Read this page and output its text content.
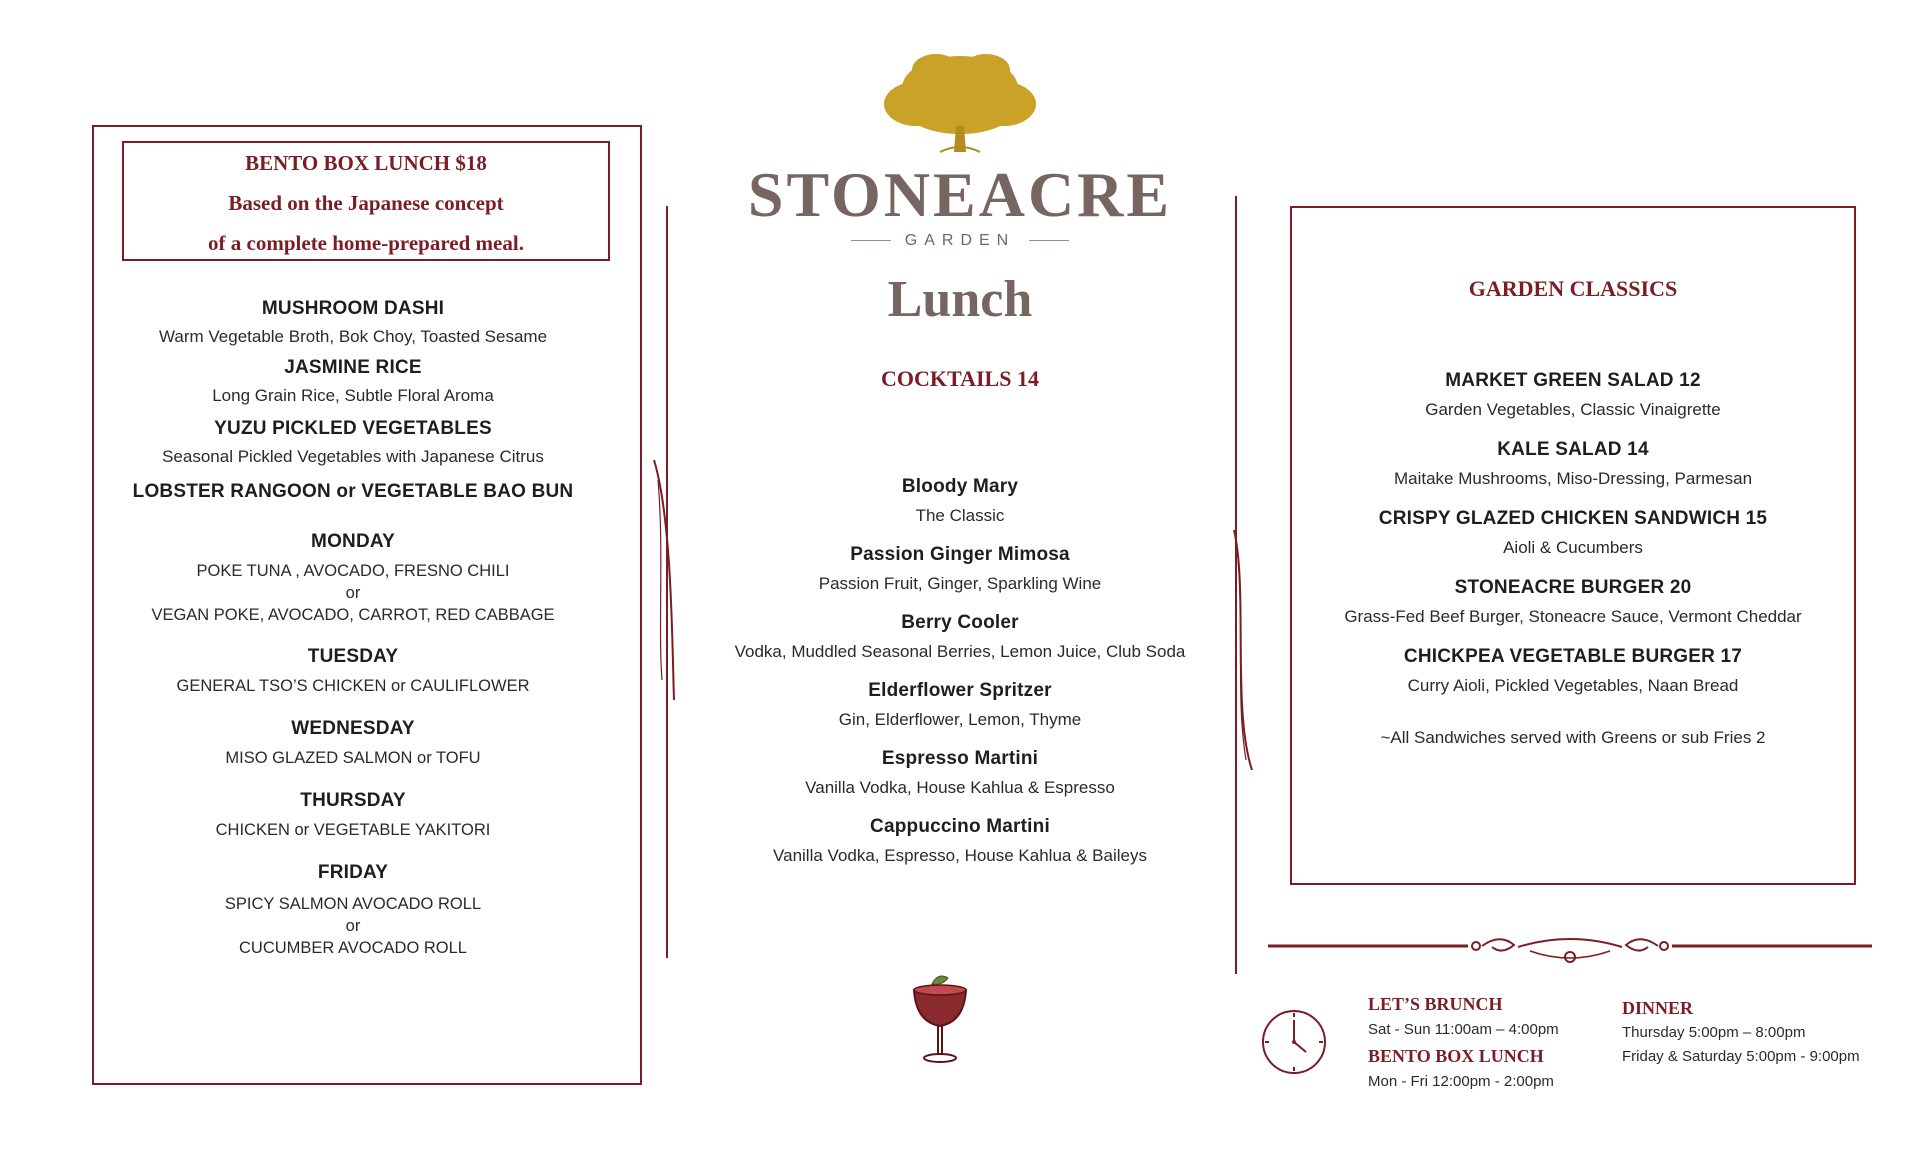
BENTO BOX LUNCH $18
Based on the Japanese concept
of a complete home-prepared meal.
MUSHROOM DASHI
Warm Vegetable Broth, Bok Choy, Toasted Sesame
JASMINE RICE
Long Grain Rice, Subtle Floral Aroma
YUZU PICKLED VEGETABLES
Seasonal Pickled Vegetables with Japanese Citrus
LOBSTER RANGOON or VEGETABLE BAO BUN
MONDAY
POKE TUNA , AVOCADO, FRESNO CHILI
or
VEGAN POKE, AVOCADO, CARROT, RED CABBAGE
TUESDAY
GENERAL TSO’S CHICKEN or CAULIFLOWER
WEDNESDAY
MISO GLAZED SALMON or TOFU
THURSDAY
CHICKEN or VEGETABLE YAKITORI
FRIDAY
SPICY SALMON AVOCADO ROLL
or
CUCUMBER AVOCADO ROLL
STONEACRE
GARDEN
Lunch
COCKTAILS 14
Bloody Mary
The Classic
Passion Ginger Mimosa
Passion Fruit, Ginger, Sparkling Wine
Berry Cooler
Vodka, Muddled Seasonal Berries, Lemon Juice, Club Soda
Elderflower Spritzer
Gin, Elderflower, Lemon, Thyme
Espresso Martini
Vanilla Vodka, House Kahlua & Espresso
Cappuccino Martini
Vanilla Vodka, Espresso, House Kahlua & Baileys
GARDEN CLASSICS
MARKET GREEN SALAD 12
Garden Vegetables, Classic Vinaigrette
KALE SALAD 14
Maitake Mushrooms, Miso-Dressing, Parmesan
CRISPY GLAZED CHICKEN SANDWICH 15
Aioli & Cucumbers
STONEACRE BURGER 20
Grass-Fed Beef Burger, Stoneacre Sauce, Vermont Cheddar
CHICKPEA VEGETABLE BURGER 17
Curry Aioli, Pickled Vegetables, Naan Bread
~All Sandwiches served with Greens or sub Fries 2
LET’S BRUNCH
Sat - Sun 11:00am – 4:00pm
BENTO BOX LUNCH
Mon - Fri 12:00pm - 2:00pm
DINNER
Thursday 5:00pm – 8:00pm
Friday & Saturday 5:00pm - 9:00pm
